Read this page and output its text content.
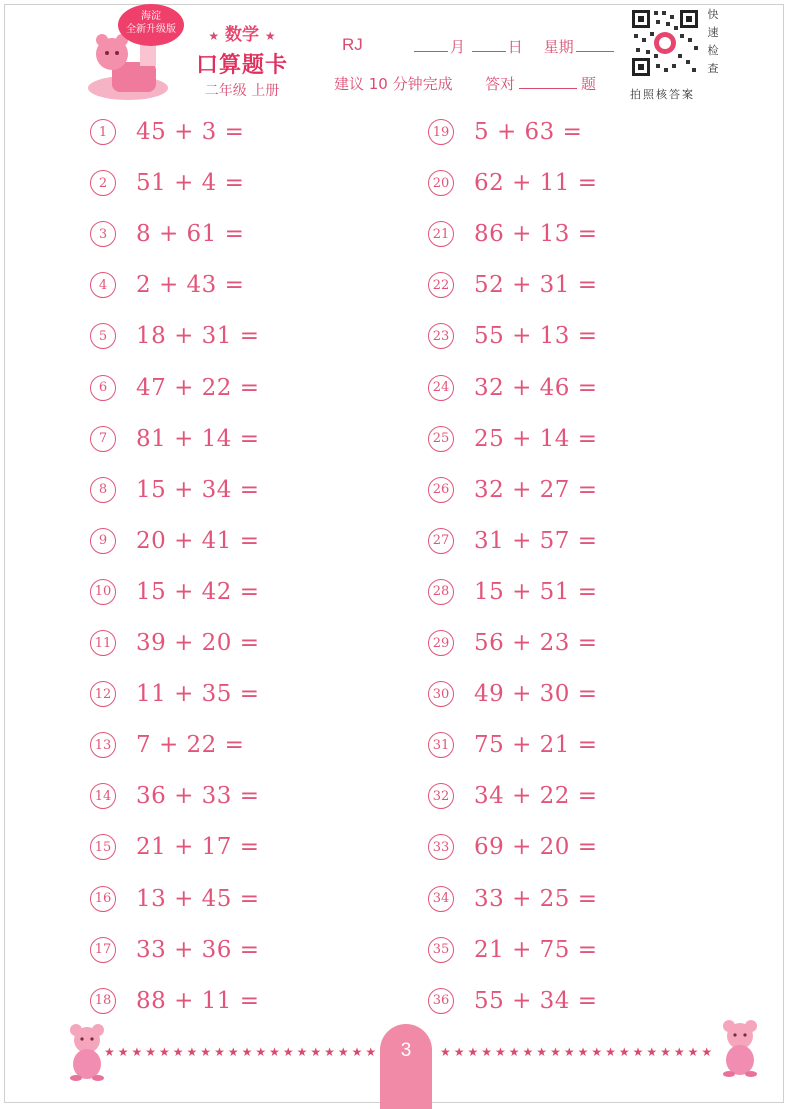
海淀
全新升级版	★ 数学 ★
口算题卡
二年级 上册
RJ	月	日 星期
建议 10 分钟完成 答对	题
快
速
检
查
拍照核答案
1	45 + 3 =
2	51 + 4 =
3	8 + 61 =
4	2 + 43 =
5	18 + 31 =
6	47 + 22 =
7	81 + 14 =
8	15 + 34 =
9	20 + 41 =
10 15 + 42 =
11 39 + 20 =
12 11 + 35 =
13 7 + 22 =
14 36 + 33 =
15 21 + 17 =
16 13 + 45 =
17 33 + 36 =
18 88 + 11 =
19 5 + 63 =
20 62 + 11 =
21 86 + 13 =
22 52 + 31 =
23 55 + 13 =
24 32 + 46 =
25 25 + 14 =
26 32 + 27 =
27 31 + 57 =
28 15 + 51 =
29 56 + 23 =
30 49 + 30 =
31 75 + 21 =
32 34 + 22 =
33 69 + 20 =
34 33 + 25 =
35 21 + 75 =
36 55 + 34 =
★★★★★★★★★★★★★★★★★★★★	★★★★★★★★★★★★★★★★★★★★
3
